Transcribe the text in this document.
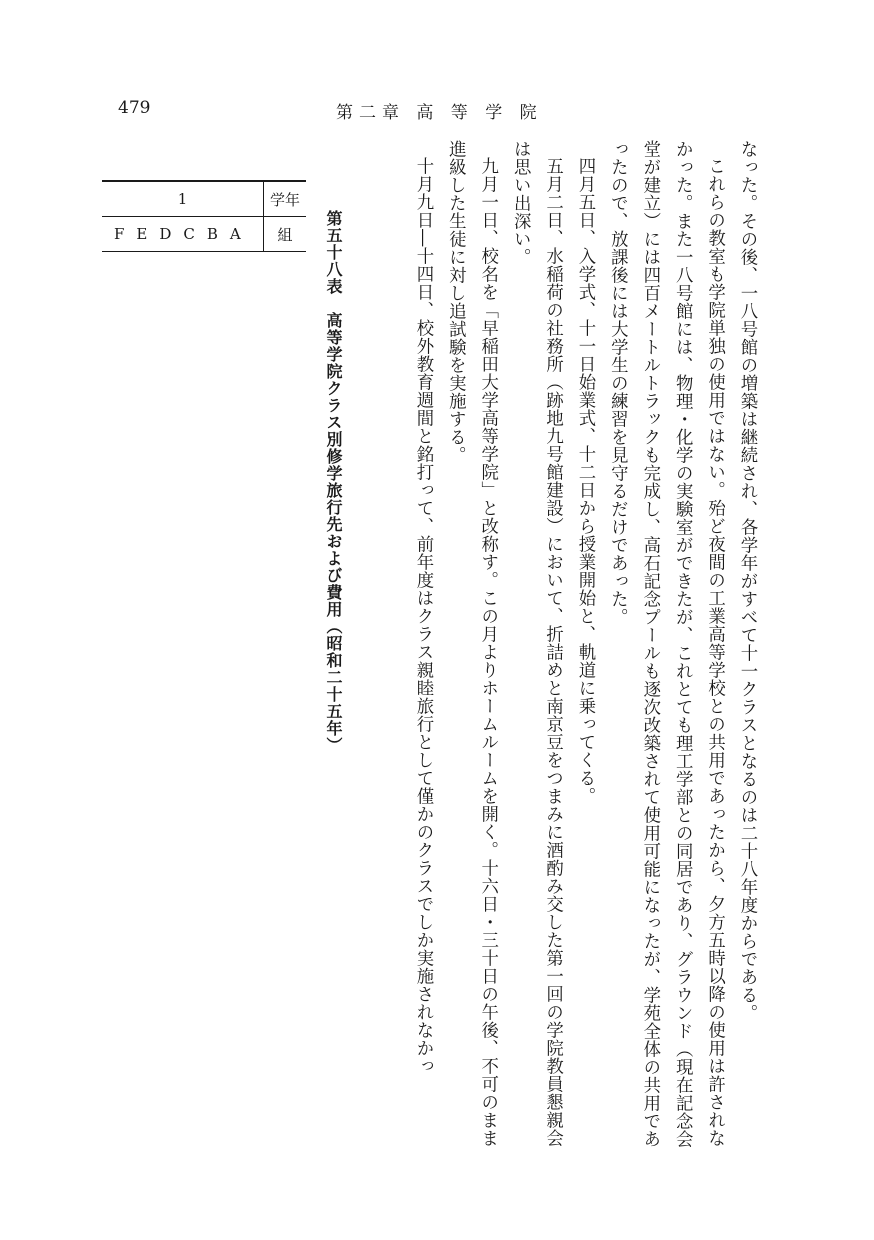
479	第二章 高 等 学 院

なった。その後、一八号館の増築は継続され、各学年がすべて十一クラスとなるのは二十八年度からである。

これらの教室も学院単独の使用ではない。殆ど夜間の工業高等学校との共用であったから、夕方五時以降の使用は許されなかった。また一八号館には、物理・化学の実験室ができたが、これとても理工学部との同居であり、グラウンド（現在記念会堂が建立）には四百メートルトラックも完成し、高石記念プールも逐次改築されて使用可能になったが、学苑全体の共用であったので、放課後には大学生の練習を見守るだけであった。

四月五日、入学式、十一日始業式、十二日から授業開始と、軌道に乗ってくる。

五月二日、水稲荷の社務所（跡地九号館建設）において、折詰めと南京豆をつまみに酒酌み交した第一回の学院教員懇親会は思い出深い。

九月一日、校名を「早稲田大学高等学院」と改称す。この月よりホームルームを開く。十六日・三十日の午後、不可のまま進級した生徒に対し追試験を実施する。

十月九日―十四日、校外教育週間と銘打って、前年度はクラス親睦旅行として僅かのクラスでしか実施されなかっ

第五十八表　高等学院クラス別修学旅行先および費用（昭和二十五年）
1	学年
FEDCBA	組
